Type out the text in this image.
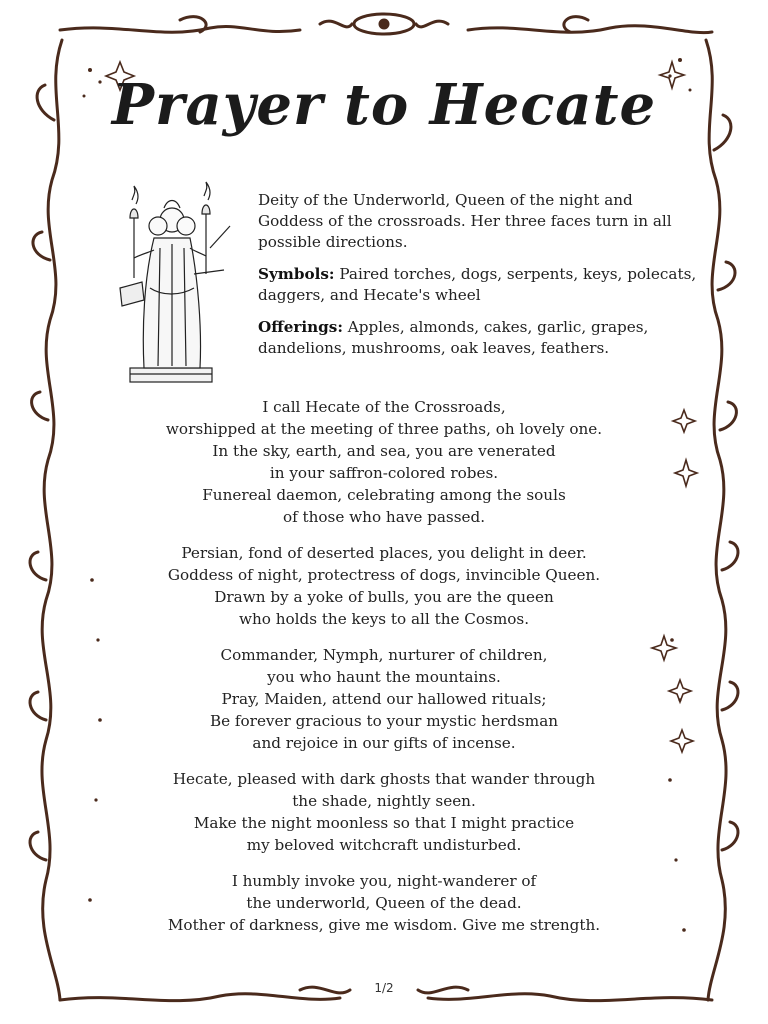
Prayer to Hecate

Deity of the Underworld, Queen of the night and Goddess of the crossroads. Her three faces turn in all possible directions.

Symbols: Paired torches, dogs, serpents, keys, polecats, daggers, and Hecate's wheel

Offerings: Apples, almonds, cakes, garlic, grapes, dandelions, mushrooms, oak leaves, feathers.

I call Hecate of the Crossroads,
worshipped at the meeting of three paths, oh lovely one.
In the sky, earth, and sea, you are venerated
in your saffron-colored robes.
Funereal daemon, celebrating among the souls
of those who have passed.
Persian, fond of deserted places, you delight in deer.
Goddess of night, protectress of dogs, invincible Queen.
Drawn by a yoke of bulls, you are the queen
who holds the keys to all the Cosmos.
Commander, Nymph, nurturer of children,
you who haunt the mountains.
Pray, Maiden, attend our hallowed rituals;
Be forever gracious to your mystic herdsman
and rejoice in our gifts of incense.
Hecate, pleased with dark ghosts that wander through
the shade, nightly seen.
Make the night moonless so that I might practice
my beloved witchcraft undisturbed.
I humbly invoke you, night-wanderer of
the underworld, Queen of the dead.
Mother of darkness, give me wisdom. Give me strength.
1/2
